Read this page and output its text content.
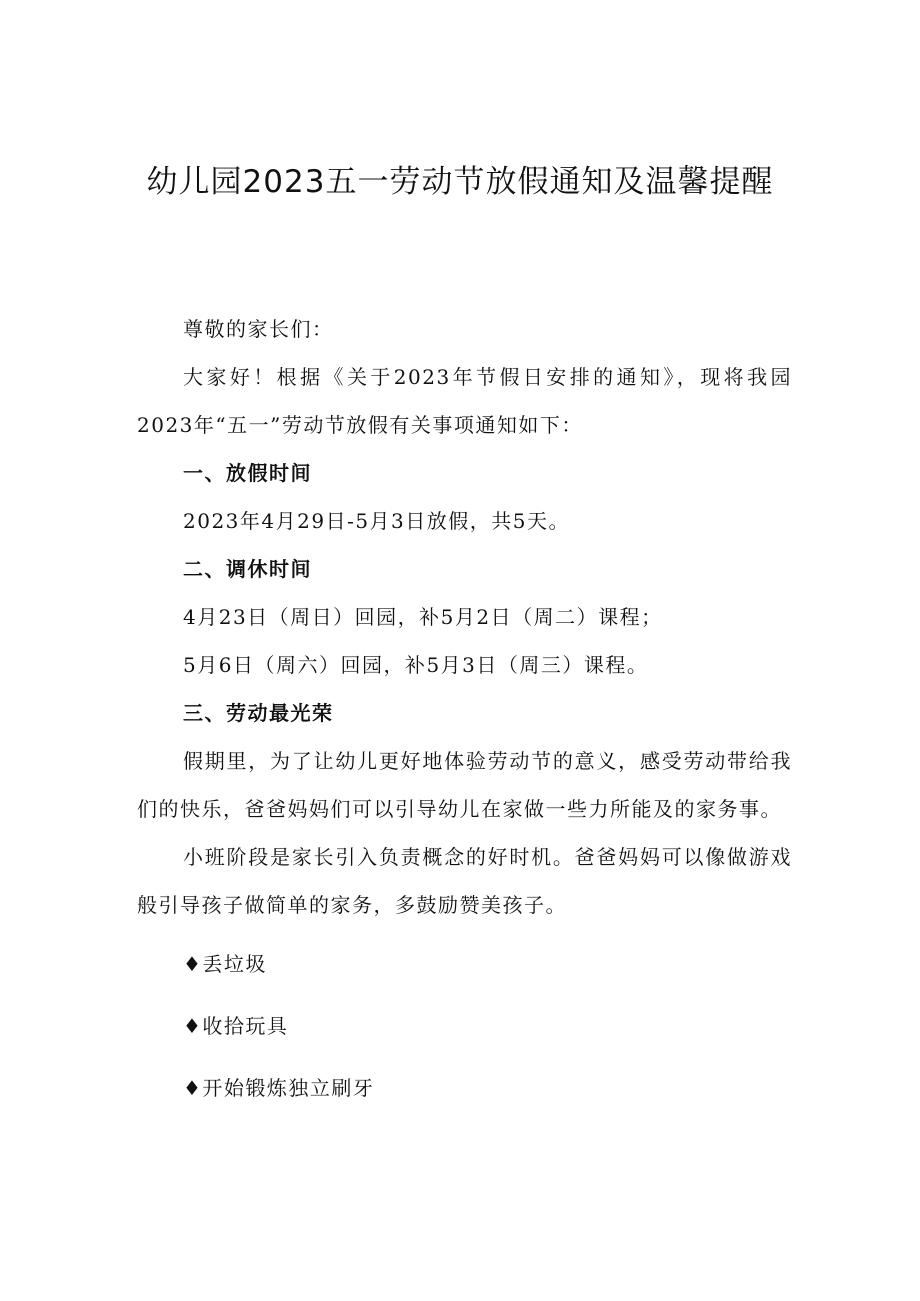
幼儿园2023五一劳动节放假通知及温馨提醒

尊敬的家长们：

大家好！根据《关于2023年节假日安排的通知》，现将我园2023年“五一”劳动节放假有关事项通知如下：

一、放假时间

2023年4月29日-5月3日放假，共5天。

二、调休时间

4月23日（周日）回园，补5月2日（周二）课程；

5月6日（周六）回园，补5月3日（周三）课程。

三、劳动最光荣

假期里，为了让幼儿更好地体验劳动节的意义，感受劳动带给我们的快乐，爸爸妈妈们可以引导幼儿在家做一些力所能及的家务事。

小班阶段是家长引入负责概念的好时机。爸爸妈妈可以像做游戏般引导孩子做简单的家务，多鼓励赞美孩子。

♦丢垃圾

♦收拾玩具

♦开始锻炼独立刷牙
